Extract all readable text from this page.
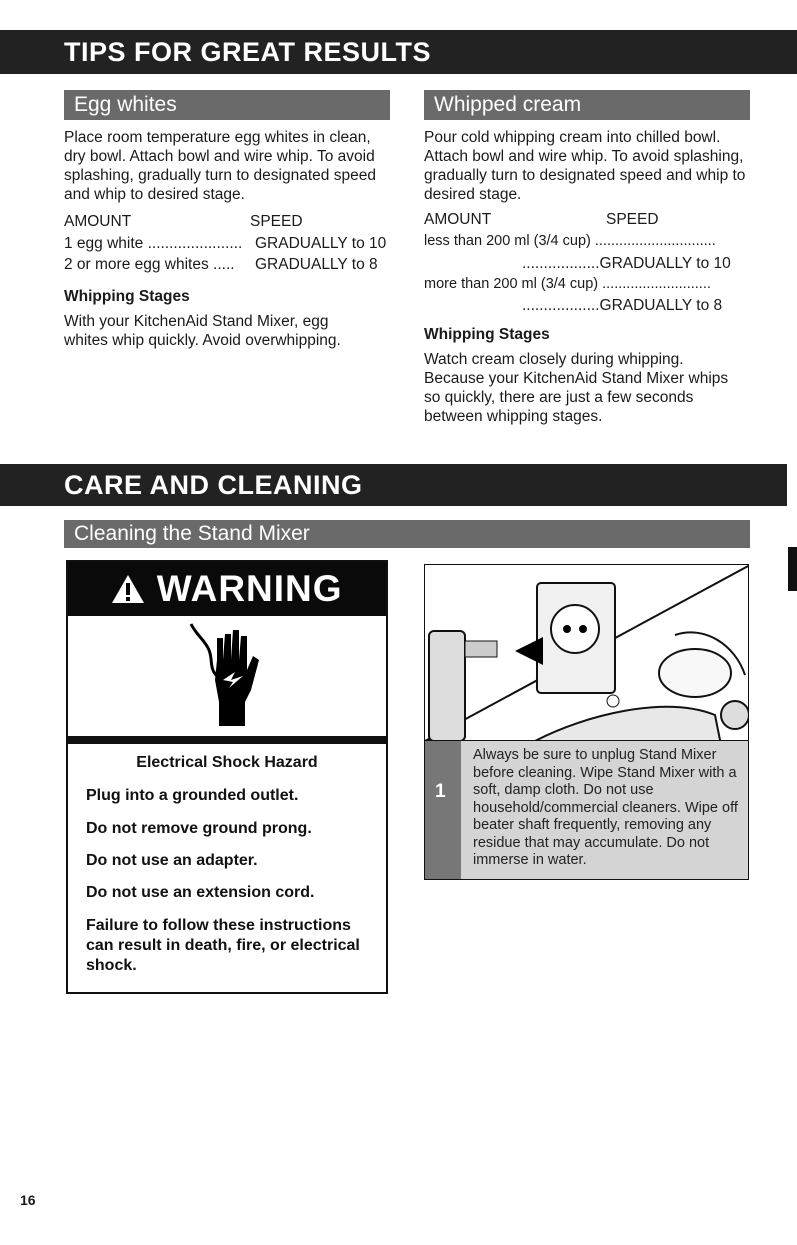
TIPS FOR GREAT RESULTS
Egg whites
Place room temperature egg whites in clean, dry bowl. Attach bowl and wire whip. To avoid splashing, gradually turn to designated speed and whip to desired stage.
AMOUNT	SPEED
1 egg white ...................... GRADUALLY to 10
2 or more egg whites ..... GRADUALLY to 8
Whipping Stages
With your KitchenAid Stand Mixer, egg whites whip quickly. Avoid overwhipping.
Whipped cream
Pour cold whipping cream into chilled bowl. Attach bowl and wire whip. To avoid splashing, gradually turn to designated speed and whip to desired stage.
AMOUNT	SPEED
less than 200 ml (3/4 cup) ..............................
..................GRADUALLY to 10
more than 200 ml (3/4 cup) ...........................
..................GRADUALLY to 8
Whipping Stages
Watch cream closely during whipping. Because your KitchenAid Stand Mixer whips so quickly, there are just a few seconds between whipping stages.
CARE AND CLEANING
Cleaning the Stand Mixer
WARNING
Electrical Shock Hazard
Plug into a grounded outlet.
Do not remove ground prong.
Do not use an adapter.
Do not use an extension cord.
Failure to follow these instructions can result in death, fire, or electrical shock.
1
Always be sure to unplug Stand Mixer before cleaning. Wipe Stand Mixer with a soft, damp cloth. Do not use household/commercial cleaners. Wipe off beater shaft frequently, removing any residue that may accumulate. Do not immerse in water.
16
